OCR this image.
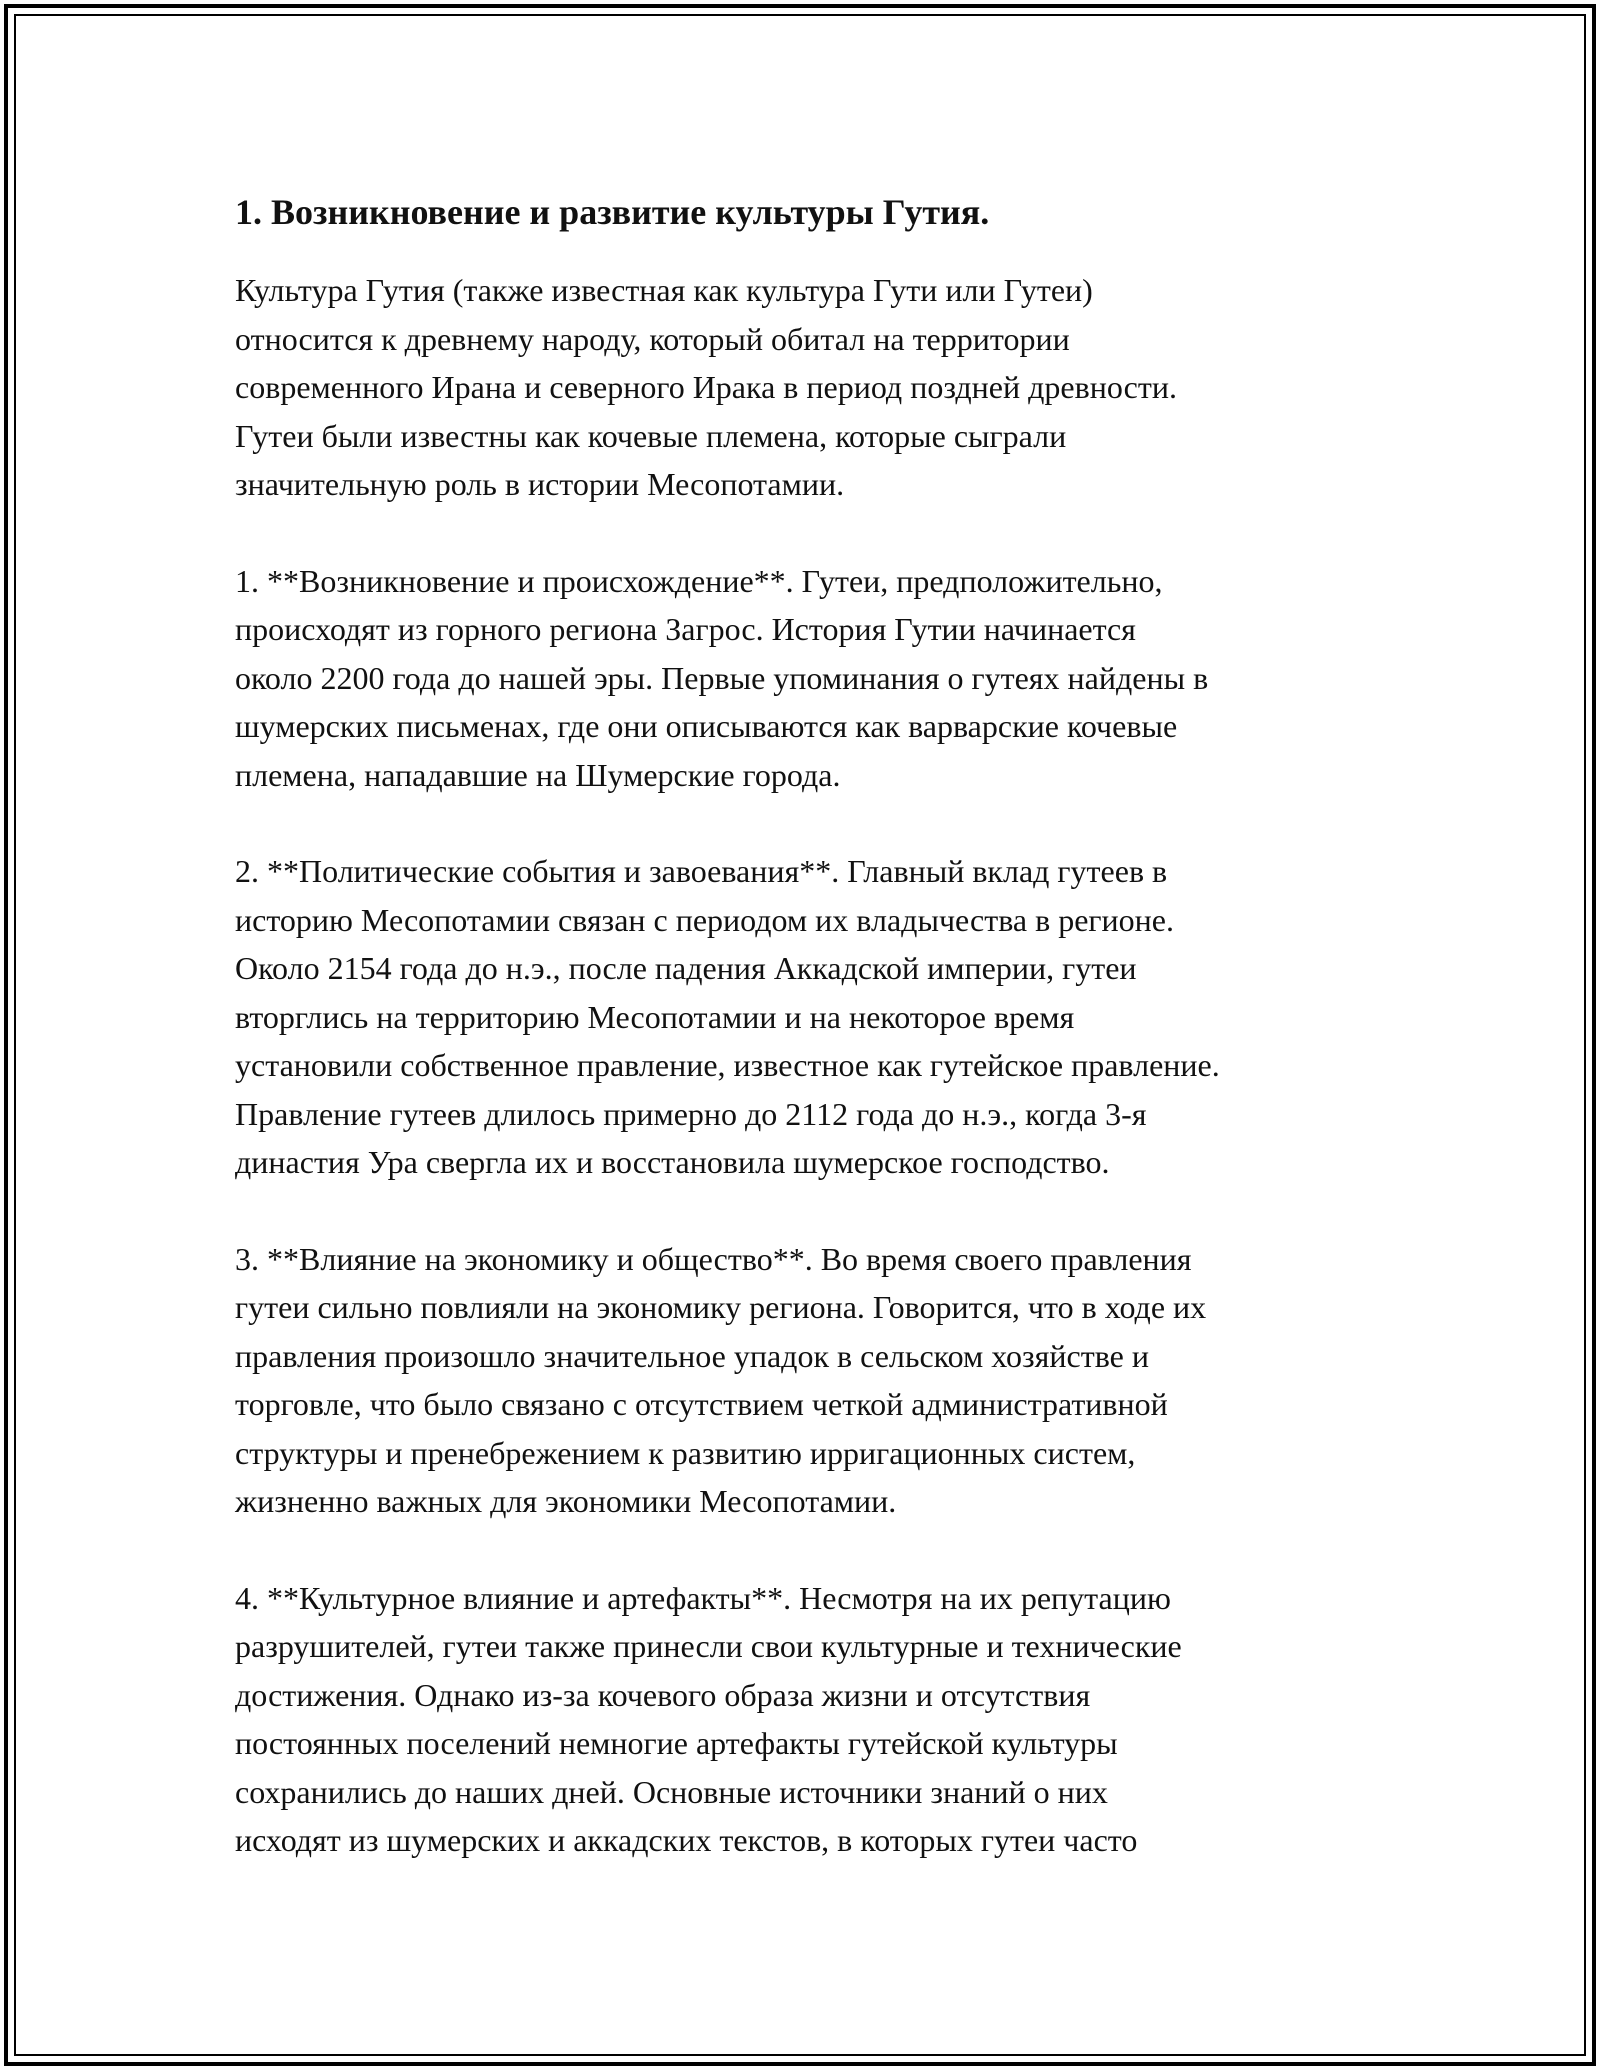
1. Возникновение и развитие культуры Гутия.

Культура Гутия (также известная как культура Гути или Гутеи)
относится к древнему народу, который обитал на территории
современного Ирана и северного Ирака в период поздней древности.
Гутеи были известны как кочевые племена, которые сыграли
значительную роль в истории Месопотамии.

1. **Возникновение и происхождение**. Гутеи, предположительно,
происходят из горного региона Загрос. История Гутии начинается
около 2200 года до нашей эры. Первые упоминания о гутеях найдены в
шумерских письменах, где они описываются как варварские кочевые
племена, нападавшие на Шумерские города.

2. **Политические события и завоевания**. Главный вклад гутеев в
историю Месопотамии связан с периодом их владычества в регионе.
Около 2154 года до н.э., после падения Аккадской империи, гутеи
вторглись на территорию Месопотамии и на некоторое время
установили собственное правление, известное как гутейское правление.
Правление гутеев длилось примерно до 2112 года до н.э., когда 3-я
династия Ура свергла их и восстановила шумерское господство.

3. **Влияние на экономику и общество**. Во время своего правления
гутеи сильно повлияли на экономику региона. Говорится, что в ходе их
правления произошло значительное упадок в сельском хозяйстве и
торговле, что было связано с отсутствием четкой административной
структуры и пренебрежением к развитию ирригационных систем,
жизненно важных для экономики Месопотамии.

4. **Культурное влияние и артефакты**. Несмотря на их репутацию
разрушителей, гутеи также принесли свои культурные и технические
достижения. Однако из-за кочевого образа жизни и отсутствия
постоянных поселений немногие артефакты гутейской культуры
сохранились до наших дней. Основные источники знаний о них
исходят из шумерских и аккадских текстов, в которых гутеи часто
